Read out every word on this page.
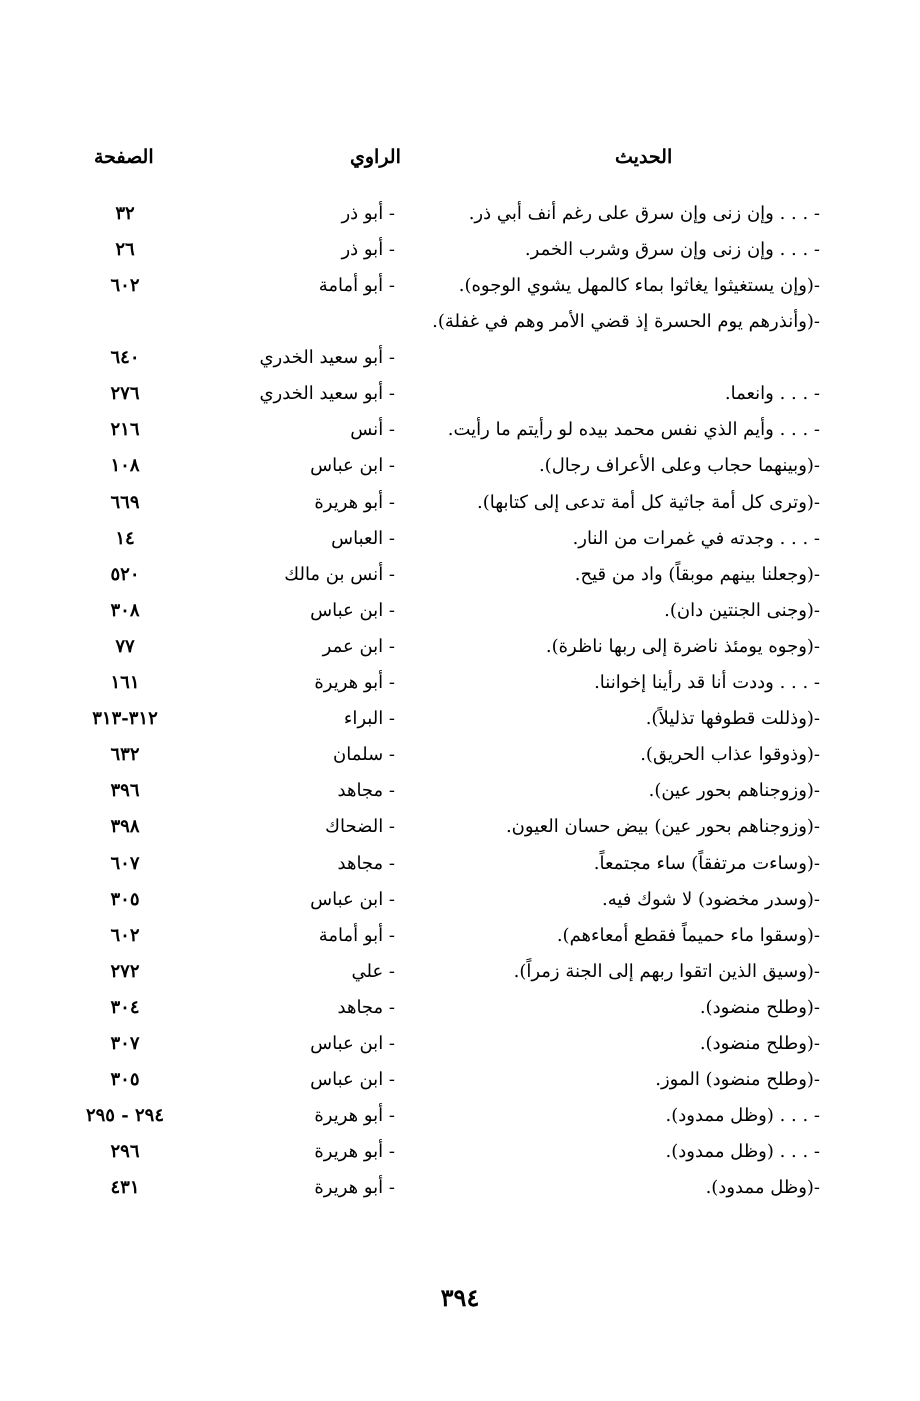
الحديث
الراوي
الصفحة
- . . . وإن زنى وإن سرق على رغم أنف أبي ذر.
- أبو ذر
٣٢
- . . . وإن زنى وإن سرق وشرب الخمر.
- أبو ذر
٢٦
-(وإن يستغيثوا يغاثوا بماء كالمهل يشوي الوجوه).
- أبو أمامة
٦٠٢
-(وأنذرهم يوم الحسرة إذ قضي الأمر وهم في غفلة).
- أبو سعيد الخدري
٦٤٠
- . . . وانعما.
- أبو سعيد الخدري
٢٧٦
- . . . وأيم الذي نفس محمد بيده لو رأيتم ما رأيت.
- أنس
٢١٦
-(وبينهما حجاب وعلى الأعراف رجال).
- ابن عباس
١٠٨
-(وترى كل أمة جاثية كل أمة تدعى إلى كتابها).
- أبو هريرة
٦٦٩
- . . . وجدته في غمرات من النار.
- العباس
١٤
-(وجعلنا بينهم موبقاً) واد من قيح.
- أنس بن مالك
٥٢٠
-(وجنى الجنتين دان).
- ابن عباس
٣٠٨
-(وجوه يومئذ ناضرة إلى ربها ناظرة).
- ابن عمر
٧٧
- . . . وددت أنا قد رأينا إخواننا.
- أبو هريرة
١٦١
-(وذللت قطوفها تذليلاً).
- البراء
٣١٢-٣١٣
-(وذوقوا عذاب الحريق).
- سلمان
٦٣٢
-(وزوجناهم بحور عين).
- مجاهد
٣٩٦
-(وزوجناهم بحور عين) بيض حسان العيون.
- الضحاك
٣٩٨
-(وساءت مرتفقاً) ساء مجتمعاً.
- مجاهد
٦٠٧
-(وسدر مخضود) لا شوك فيه.
- ابن عباس
٣٠٥
-(وسقوا ماء حميماً فقطع أمعاءهم).
- أبو أمامة
٦٠٢
-(وسيق الذين اتقوا ربهم إلى الجنة زمراً).
- علي
٢٧٢
-(وطلح منضود).
- مجاهد
٣٠٤
-(وطلح منضود).
- ابن عباس
٣٠٧
-(وطلح منضود) الموز.
- ابن عباس
٣٠٥
- . . . (وظل ممدود).
- أبو هريرة
٢٩٤ - ٢٩٥
- . . . (وظل ممدود).
- أبو هريرة
٢٩٦
-(وظل ممدود).
- أبو هريرة
٤٣١
٣٩٤
